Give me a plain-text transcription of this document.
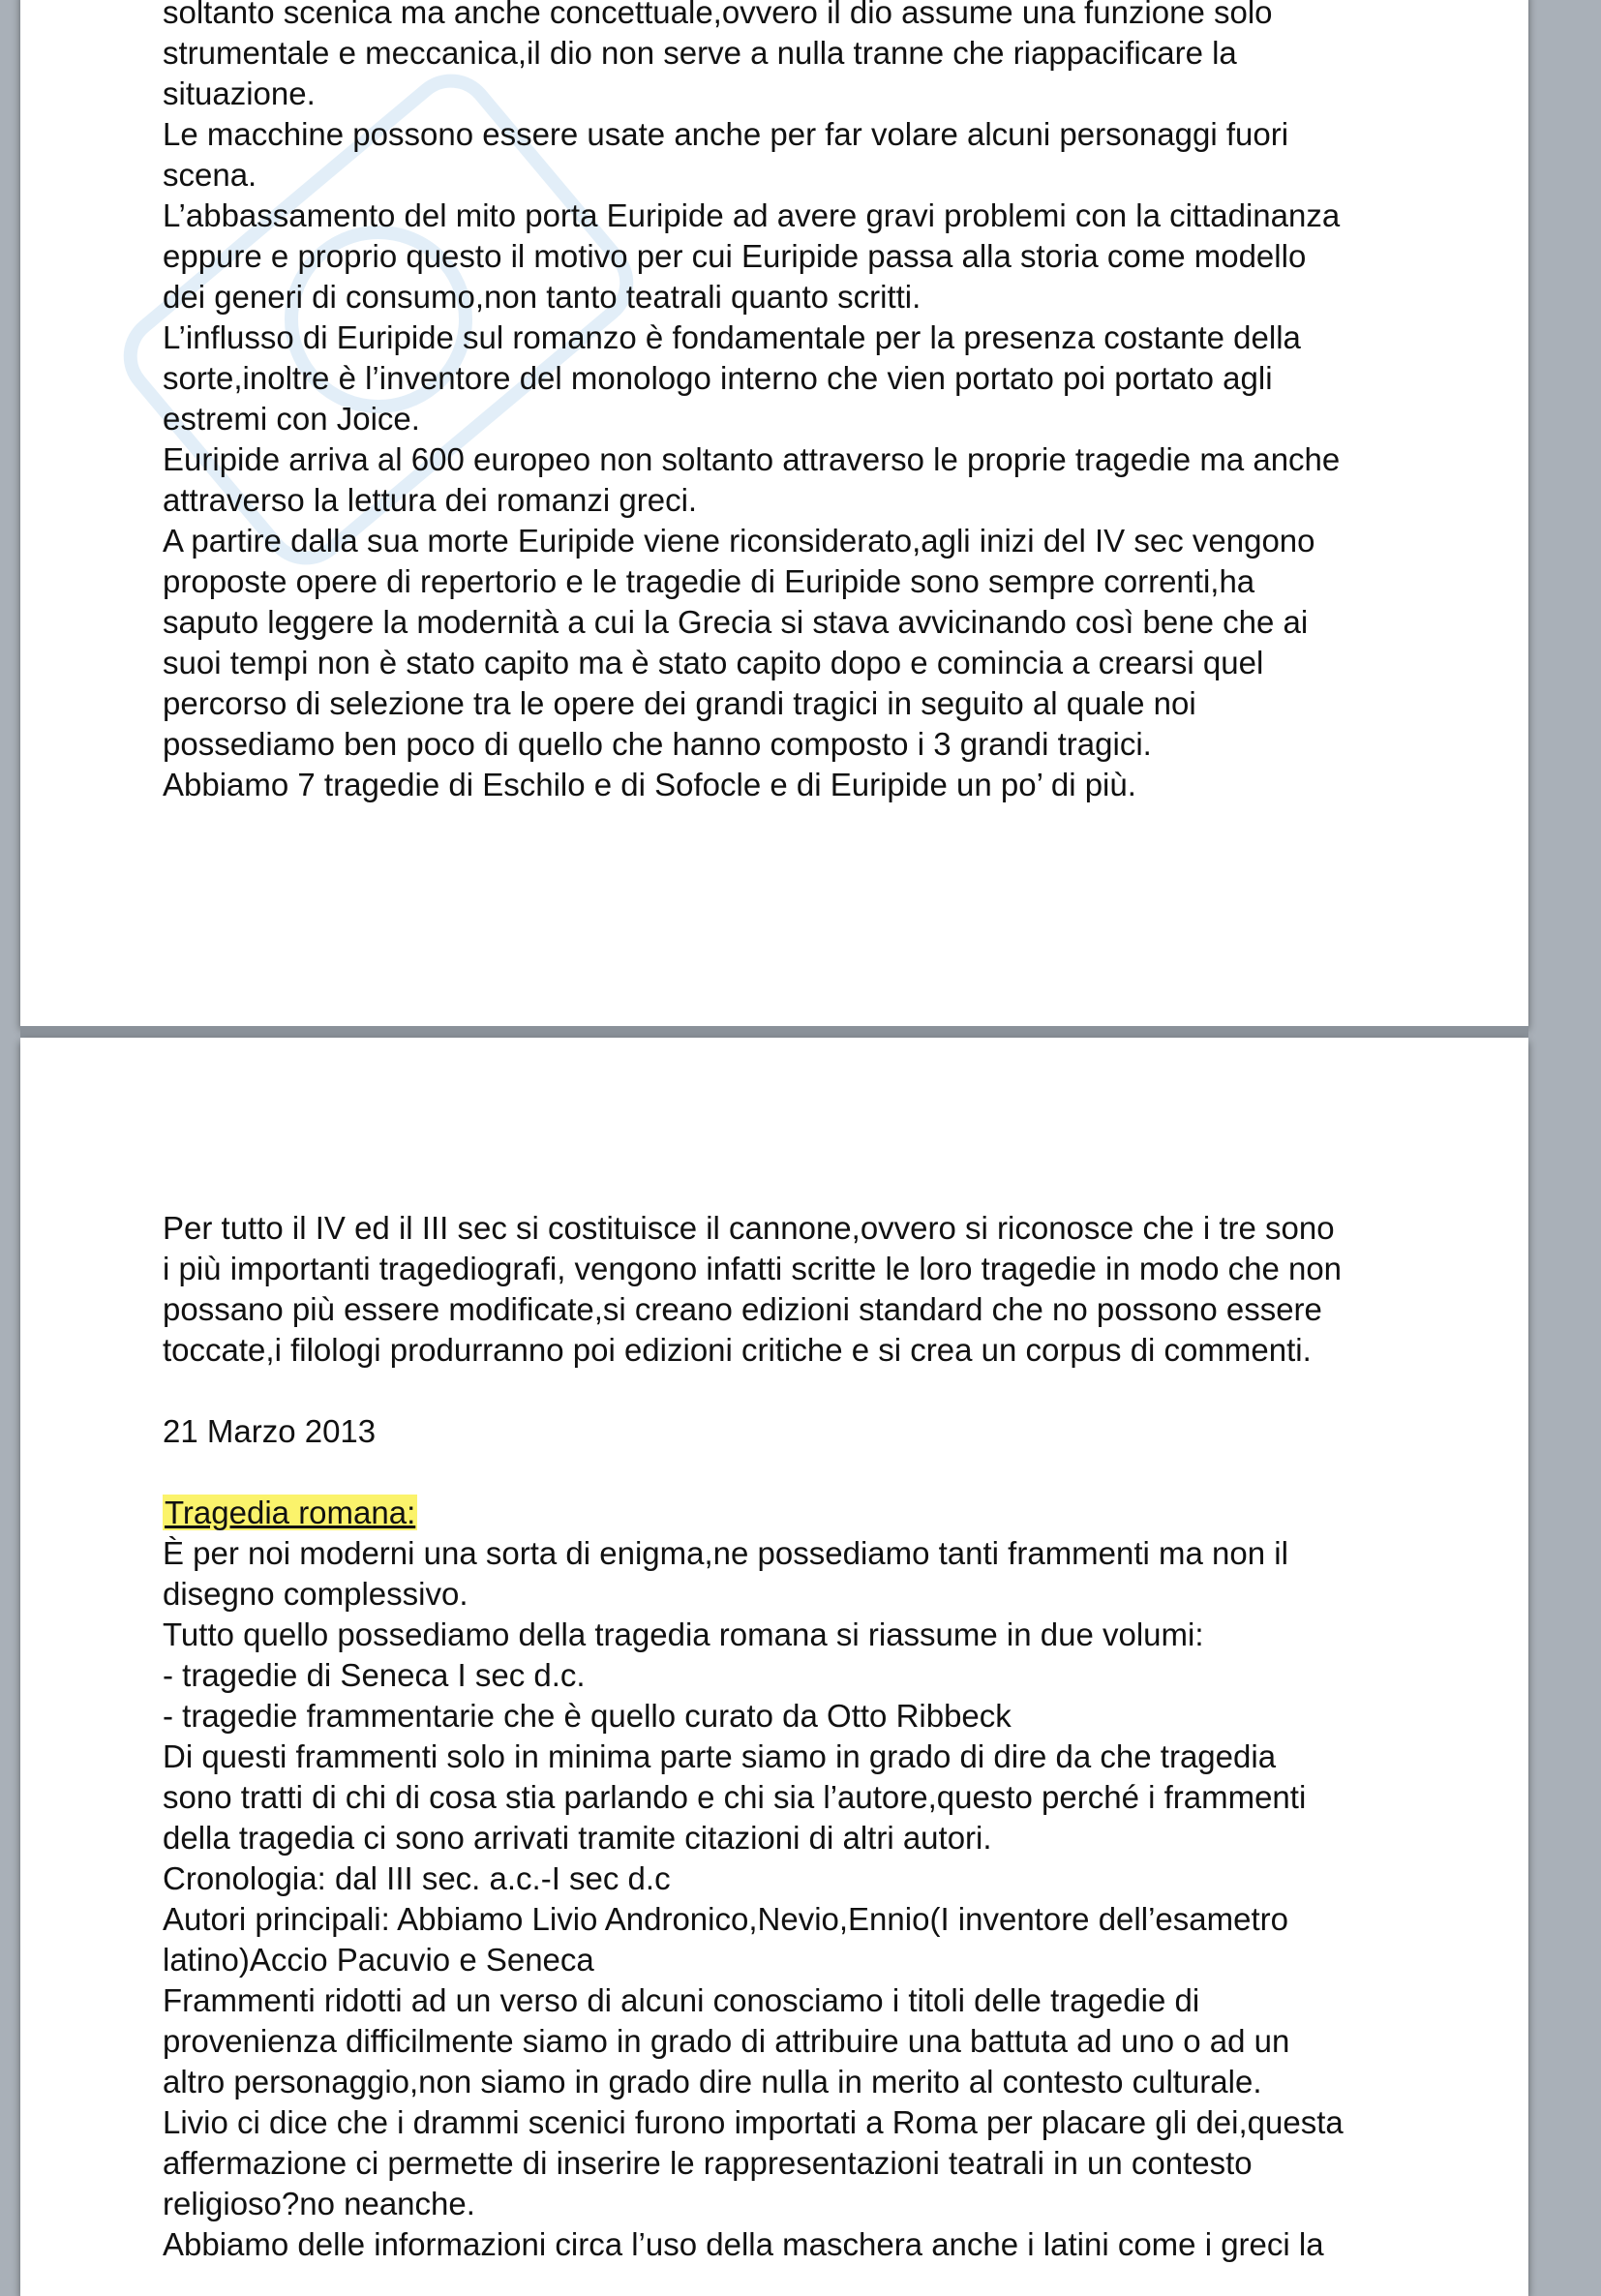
soltanto scenica ma anche concettuale,ovvero il dio assume una funzione solo
strumentale e meccanica,il dio non serve a nulla tranne che riappacificare la
situazione.
Le macchine possono essere usate anche per far volare alcuni personaggi fuori
scena.
L’abbassamento del mito porta Euripide ad avere gravi problemi con la cittadinanza
eppure e proprio questo il motivo per cui Euripide passa alla storia come modello
dei generi di consumo,non tanto teatrali quanto scritti.
L’influsso di Euripide sul romanzo è fondamentale per la presenza costante della
sorte,inoltre è l’inventore del monologo interno che vien portato poi portato agli
estremi con Joice.
Euripide arriva al 600 europeo non soltanto attraverso le proprie tragedie ma anche
attraverso la lettura dei romanzi greci.
A partire dalla sua morte Euripide viene riconsiderato,agli inizi del IV sec vengono
proposte opere di repertorio e le tragedie di Euripide sono sempre correnti,ha
saputo leggere la modernità a cui la Grecia si stava avvicinando così bene che ai
suoi tempi non è stato capito ma è stato capito dopo e comincia a crearsi quel
percorso di selezione tra le opere dei grandi tragici in seguito al quale noi
possediamo ben poco di quello che hanno composto i 3 grandi tragici.
Abbiamo 7 tragedie di Eschilo e di Sofocle e di Euripide un po’ di più.
Per tutto il IV ed il III sec si costituisce il cannone,ovvero si riconosce che i tre sono
i più importanti tragediografi, vengono infatti scritte le loro tragedie in modo che non
possano più essere modificate,si creano edizioni standard che no possono essere
toccate,i filologi produrranno poi edizioni critiche e si crea un corpus di commenti.
21 Marzo 2013
Tragedia romana:
È per noi moderni una sorta di enigma,ne possediamo tanti frammenti ma non il
disegno complessivo.
Tutto quello possediamo della tragedia romana si riassume in due volumi:
- tragedie di Seneca I sec d.c.
- tragedie frammentarie che è quello curato da Otto Ribbeck
Di questi frammenti solo in minima parte siamo in grado di dire da che tragedia
sono tratti di chi di cosa stia parlando e chi sia l’autore,questo perché i frammenti
della tragedia ci sono arrivati tramite citazioni di altri autori.
Cronologia: dal III sec. a.c.-I sec d.c
Autori principali: Abbiamo Livio Andronico,Nevio,Ennio(I inventore dell’esametro
latino)Accio Pacuvio e Seneca
Frammenti ridotti ad un verso di alcuni conosciamo i titoli delle tragedie di
provenienza difficilmente siamo in grado di attribuire una battuta ad uno o ad un
altro personaggio,non siamo in grado dire nulla in merito al contesto culturale.
Livio ci dice che i drammi scenici furono importati a Roma per placare gli dei,questa
affermazione ci permette di inserire le rappresentazioni teatrali in un contesto
religioso?no neanche.
Abbiamo delle informazioni circa l’uso della maschera anche i latini come i greci la
